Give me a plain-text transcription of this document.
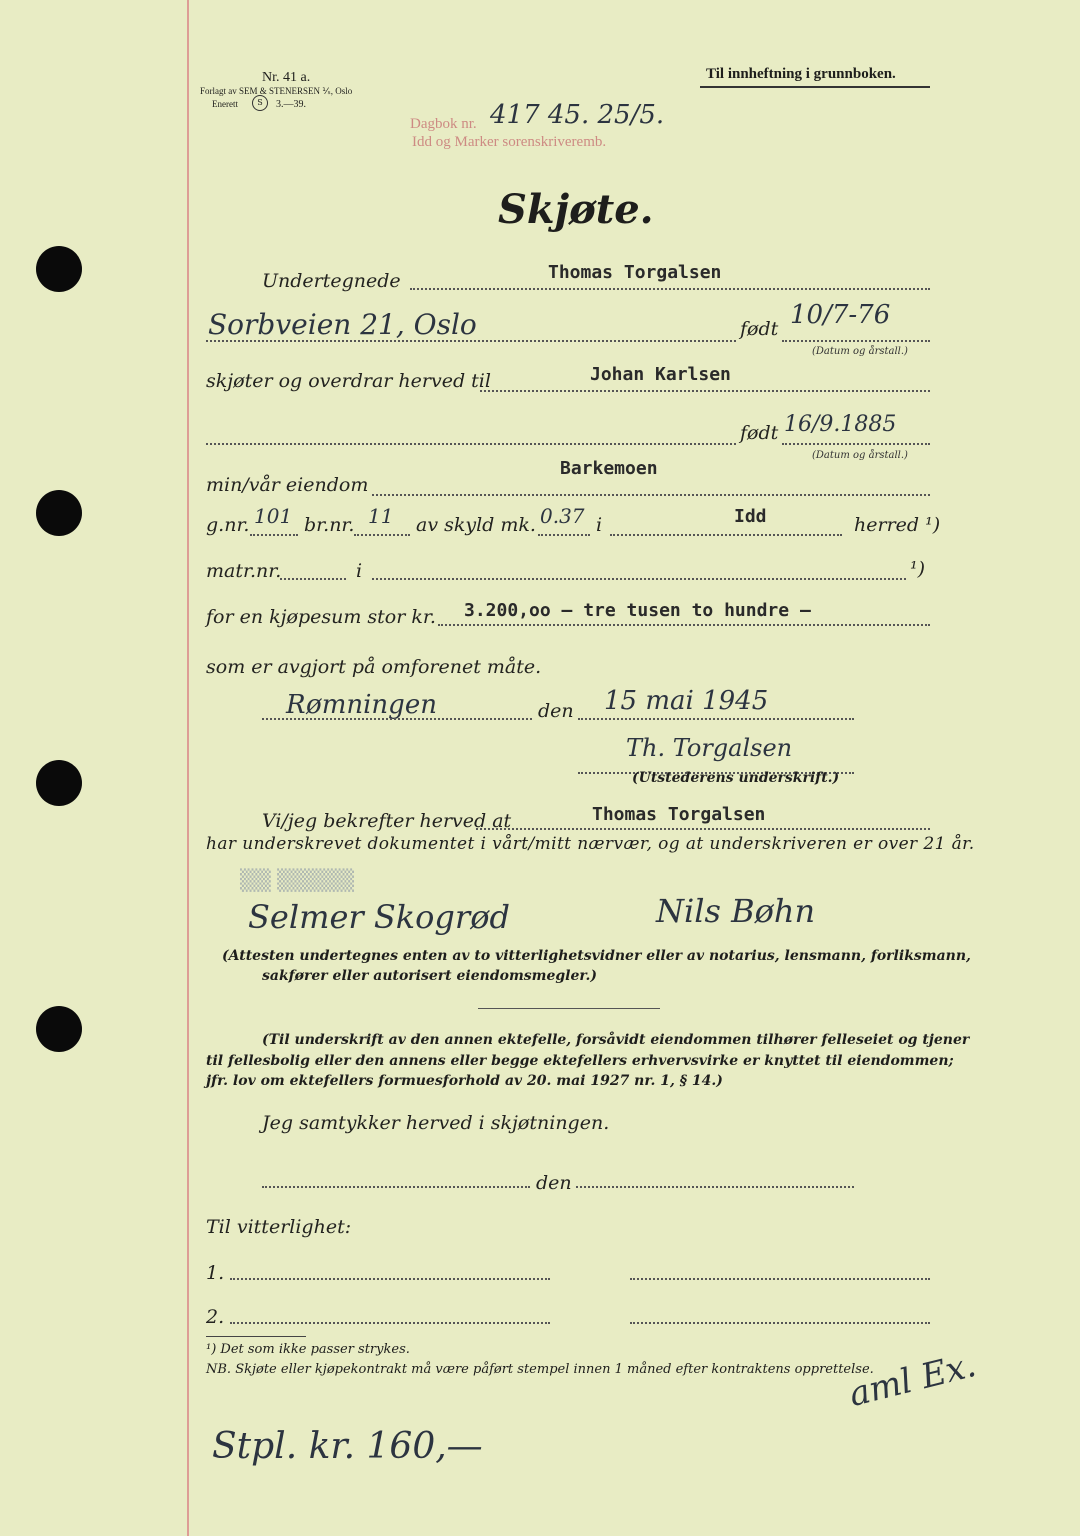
Nr. 41 a.
Forlagt av SEM & STENERSEN ⅟ₛ, Oslo
Enerett	S	3.—39.
Til innheftning i grunnboken.
Dagbok nr.
Idd og Marker sorenskriveremb.
417 45. 25/5.
Skjøte.
Undertegnede	Thomas Torgalsen
Sorbveien 21, Oslo	født 10/7-76
(Datum og årstall.)
skjøter og overdrar herved til	Johan Karlsen
født 16/9.1885
(Datum og årstall.)
Barkemoen
min/vår eiendom
g.nr. 101 br.nr. 11 av skyld mk. 0.37 i	Idd	herred ¹)
matr.nr.	i	¹)
for en kjøpesum stor kr. 3.200,oo — tre tusen to hundre —
som er avgjort på omforenet måte.
Rømningen	den 15 mai 1945
Th. Torgalsen
(Utstederens underskrift.)
Vi/jeg bekrefter herved at	Thomas Torgalsen
har underskrevet dokumentet i vårt/mitt nærvær, og at underskriveren er over 21 år.
▒▒ ▒▒▒▒▒
Selmer Skogrød	Nils Bøhn
(Attesten undertegnes enten av to vitterlighetsvidner eller av notarius, lensmann, forliksmann,
sakfører eller autorisert eiendomsmegler.)
(Til underskrift av den annen ektefelle, forsåvidt eiendommen tilhører felleseiet og tjener
til fellesbolig eller den annens eller begge ektefellers erhvervsvirke er knyttet til eiendommen;
jfr. lov om ektefellers formuesforhold av 20. mai 1927 nr. 1, § 14.)
Jeg samtykker herved i skjøtningen.
den
Til vitterlighet:
1.
2.
¹) Det som ikke passer strykes.
NB. Skjøte eller kjøpekontrakt må være påført stempel innen 1 måned efter kontraktens opprettelse.
Stpl. kr. 160,—
aml Ex.
